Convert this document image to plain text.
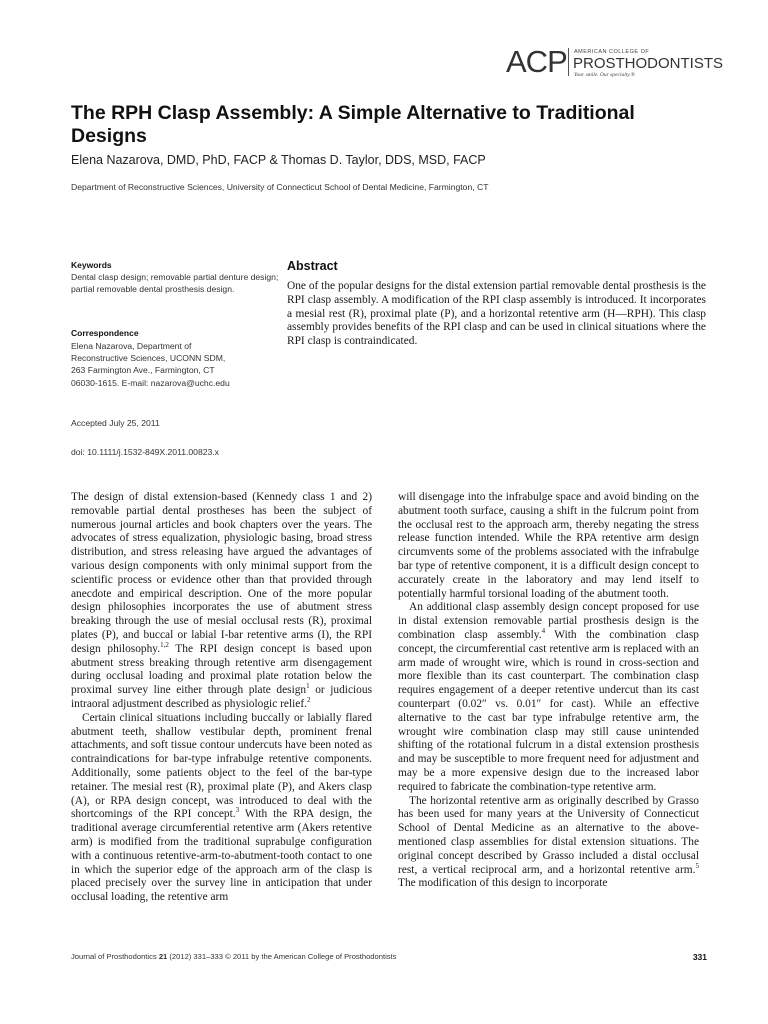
ACP AMERICAN COLLEGE OF
PROSTHODONTISTS
Your smile. Our specialty.®
The RPH Clasp Assembly: A Simple Alternative to Traditional Designs
Elena Nazarova, DMD, PhD, FACP & Thomas D. Taylor, DDS, MSD, FACP
Department of Reconstructive Sciences, University of Connecticut School of Dental Medicine, Farmington, CT
Keywords
Dental clasp design; removable partial denture design; partial removable dental prosthesis design.
Correspondence
Elena Nazarova, Department of
Reconstructive Sciences, UCONN SDM,
263 Farmington Ave., Farmington, CT
06030-1615. E-mail: nazarova@uchc.edu
Accepted July 25, 2011
doi: 10.1111/j.1532-849X.2011.00823.x
Abstract

One of the popular designs for the distal extension partial removable dental prosthesis is the RPI clasp assembly. A modification of the RPI clasp assembly is introduced. It incorporates a mesial rest (R), proximal plate (P), and a horizontal retentive arm (H—RPH). This clasp assembly provides benefits of the RPI clasp and can be used in clinical situations where the RPI clasp is contraindicated.

The design of distal extension-based (Kennedy class 1 and 2) removable partial dental prostheses has been the subject of numerous journal articles and book chapters over the years. The advocates of stress equalization, physiologic basing, broad stress distribution, and stress releasing have argued the advantages of various design components with only minimal support from the scientific process or evidence other than that provided through anecdote and empirical description. One of the more popular design philosophies incorporates the use of abutment stress breaking through the use of mesial occlusal rests (R), proximal plates (P), and buccal or labial I-bar retentive arms (I), the RPI design philosophy.$^{1,2}$ The RPI design concept is based upon abutment stress breaking through retentive arm disengagement during occlusal loading and proximal plate rotation below the proximal survey line either through plate design$^1$ or judicious intraoral adjustment described as physiologic relief.$^2$

Certain clinical situations including buccally or labially flared abutment teeth, shallow vestibular depth, prominent frenal attachments, and soft tissue contour undercuts have been noted as contraindications for bar-type infrabulge retentive components. Additionally, some patients object to the feel of the bar-type retainer. The mesial rest (R), proximal plate (P), and Akers clasp (A), or RPA design concept, was introduced to deal with the shortcomings of the RPI concept.$^3$ With the RPA design, the traditional average circumferential retentive arm (Akers retentive arm) is modified from the traditional suprabulge configuration with a continuous retentive-arm-to-abutment-tooth contact to one in which the superior edge of the approach arm of the clasp is placed precisely over the survey line in anticipation that under occlusal loading, the retentive arm

will disengage into the infrabulge space and avoid binding on the abutment tooth surface, causing a shift in the fulcrum point from the occlusal rest to the approach arm, thereby negating the stress release function intended. While the RPA retentive arm design circumvents some of the problems associated with the infrabulge bar type of retentive component, it is a difficult design concept to accurately create in the laboratory and may lend itself to potentially harmful torsional loading of the abutment tooth.

An additional clasp assembly design concept proposed for use in distal extension removable partial prosthesis design is the combination clasp assembly.$^4$ With the combination clasp concept, the circumferential cast retentive arm is replaced with an arm made of wrought wire, which is round in cross-section and more flexible than its cast counterpart. The combination clasp requires engagement of a deeper retentive undercut than its cast counterpart (0.02″ vs. 0.01″ for cast). While an effective alternative to the cast bar type infrabulge retentive arm, the wrought wire combination clasp may still cause unintended shifting of the rotational fulcrum in a distal extension prosthesis and may be susceptible to more frequent need for adjustment and may be a more expensive design due to the increased labor required to fabricate the combination-type retentive arm.

The horizontal retentive arm as originally described by Grasso has been used for many years at the University of Connecticut School of Dental Medicine as an alternative to the above-mentioned clasp assemblies for distal extension situations. The original concept described by Grasso included a distal occlusal rest, a vertical reciprocal arm, and a horizontal retentive arm.$^5$ The modification of this design to incorporate

Journal of Prosthodontics 21 (2012) 331–333 © 2011 by the American College of Prosthodontists	331
